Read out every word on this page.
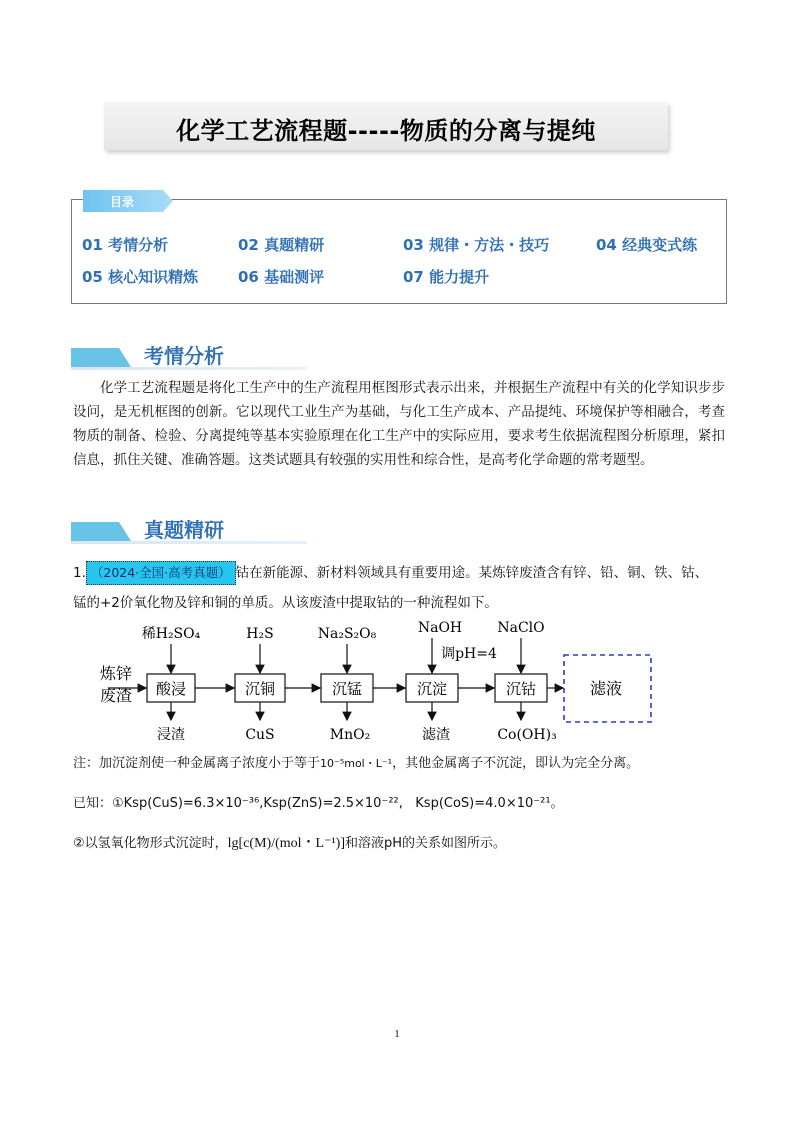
化学工艺流程题-----物质的分离与提纯
01 考情分析	02 真题精研	03 规律・方法・技巧	04 经典变式练
05 核心知识精炼	06 基础测评	07 能力提升
目录
考情分析
化学工艺流程题是将化工生产中的生产流程用框图形式表示出来，并根据生产流程中有关的化学知识步步设问，是无机框图的创新。它以现代工业生产为基础，与化工生产成本、产品提纯、环境保护等相融合，考查物质的制备、检验、分离提纯等基本实验原理在化工生产中的实际应用，要求考生依据流程图分析原理，紧扣信息，抓住关键、准确答题。这类试题具有较强的实用性和综合性，是高考化学命题的常考题型。
真题精研
1. （2024·全国·高考真题） 钴在新能源、新材料领域具有重要用途。某炼锌废渣含有锌、铅、铜、铁、钴、
锰的+2价氧化物及锌和铜的单质。从该废渣中提取钴的一种流程如下。
炼锌
废渣 酸浸	沉铜	沉锰	沉淀	沉钴	滤液
稀H₂SO₄	H₂S	Na₂S₂O₈	NaOH
调pH=4
NaClO
浸渣	CuS	MnO₂	滤渣	Co(OH)₃
注：加沉淀剂使一种金属离子浓度小于等于10⁻⁵mol・L⁻¹，其他金属离子不沉淀，即认为完全分离。
已知：①Ksp(CuS)=6.3×10⁻³⁶,Ksp(ZnS)=2.5×10⁻²²,   Ksp(CoS)=4.0×10⁻²¹。
②以氢氧化物形式沉淀时，lg[c(M)/(mol・L⁻¹)]和溶液pH的关系如图所示。
1
